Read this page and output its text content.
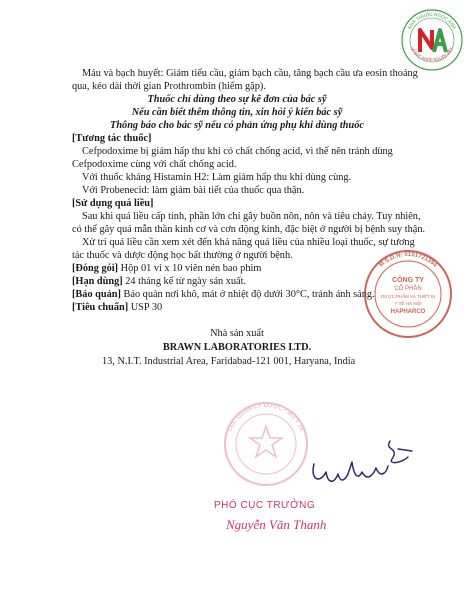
NHÀ THUỐC NGỌC ANH
VÌ SỨC KHỎE NGƯỜI VIỆT
Máu và bạch huyết: Giảm tiểu cầu, giảm bạch cầu, tăng bạch cầu ưa eosin thoáng
qua, kéo dài thời gian Prothrombin (hiếm gặp).
Thuốc chỉ dùng theo sự kê đơn của bác sỹ
Nếu cần biết thêm thông tin, xin hỏi ý kiến bác sỹ
Thông báo cho bác sỹ nếu có phản ứng phụ khi dùng thuốc
[Tương tác thuốc]
Cefpodoxime bị giảm hấp thu khi có chất chống acid, vì thế nên tránh dùng
Cefpodoxime cùng với chất chống acid.
Với thuốc kháng Histamin H2: Làm giảm hấp thu khi dùng cùng.
Với Probenecid: làm giảm bài tiết của thuốc qua thận.
[Sử dụng quá liều]
Sau khi quá liều cấp tính, phần lớn chỉ gây buồn nôn, nôn và tiêu chảy. Tuy nhiên,
có thể gây quá mẫn thần kinh cơ và cơn động kinh, đặc biệt ở người bị bệnh suy thận.
Xử trí quá liều cần xem xét đến khả năng quá liều của nhiều loại thuốc, sự tương
tác thuốc và dược động học bất thường ở người bệnh.
[Đóng gói] Hộp 01 vỉ x 10 viên nén bao phim
[Hạn dùng] 24 tháng kể từ ngày sản xuất.
[Bảo quản] Bảo quản nơi khô, mát ở nhiệt độ dưới 30°C, tránh ánh sáng.
[Tiêu chuẩn] USP 30
Nhà sản xuất
BRAWN LABORATORIES LTD.
13, N.I.T. Industrial Area, Faridabad-121 001, Haryana, India
M.S.D.N: 0101721394
CÔNG TY
CỔ PHẦN
DƯỢC PHẨM VÀ THIẾT BỊ
Y TẾ HÀ NỘI
HAPHARCO
CỤC QUẢN LÝ DƯỢC * BỘ Y TẾ
PHÓ CỤC TRƯỞNG
Nguyễn Văn Thanh
